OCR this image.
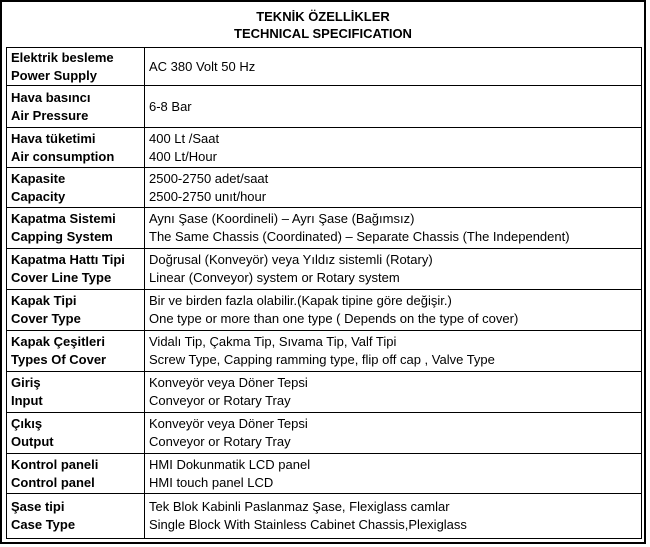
TEKNİK ÖZELLİKLER
TECHNICAL SPECIFICATION
Elektrik besleme
Power Supply	AC 380 Volt 50 Hz

Hava basıncı
Air Pressure	6-8 Bar

Hava tüketimi
Air consumption	400 Lt /Saat
400 Lt/Hour

Kapasite
Capacity	2500-2750 adet/saat
2500-2750 unıt/hour

Kapatma Sistemi
Capping System	Aynı Şase (Koordineli) – Ayrı Şase (Bağımsız)
The Same Chassis (Coordinated) – Separate Chassis (The Independent)

Kapatma Hattı Tipi
Cover Line Type	Doğrusal (Konveyör) veya Yıldız sistemli (Rotary)
Linear (Conveyor) system or Rotary system

Kapak Tipi
Cover Type	Bir ve birden fazla olabilir.(Kapak tipine göre değişir.)
One type or more than one type ( Depends on the type of cover)

Kapak Çeşitleri
Types Of Cover	Vidalı Tip, Çakma Tip, Sıvama Tip, Valf Tipi
Screw Type, Capping ramming type, flip off cap , Valve Type

Giriş
Input	Konveyör veya Döner Tepsi
Conveyor or Rotary Tray

Çıkış
Output	Konveyör veya Döner Tepsi
Conveyor or Rotary Tray

Kontrol paneli
Control panel	HMI Dokunmatik LCD panel
HMI touch panel LCD

Şase tipi
Case Type	Tek Blok Kabinli Paslanmaz Şase, Flexiglass camlar
Single Block With Stainless Cabinet Chassis,Plexiglass
